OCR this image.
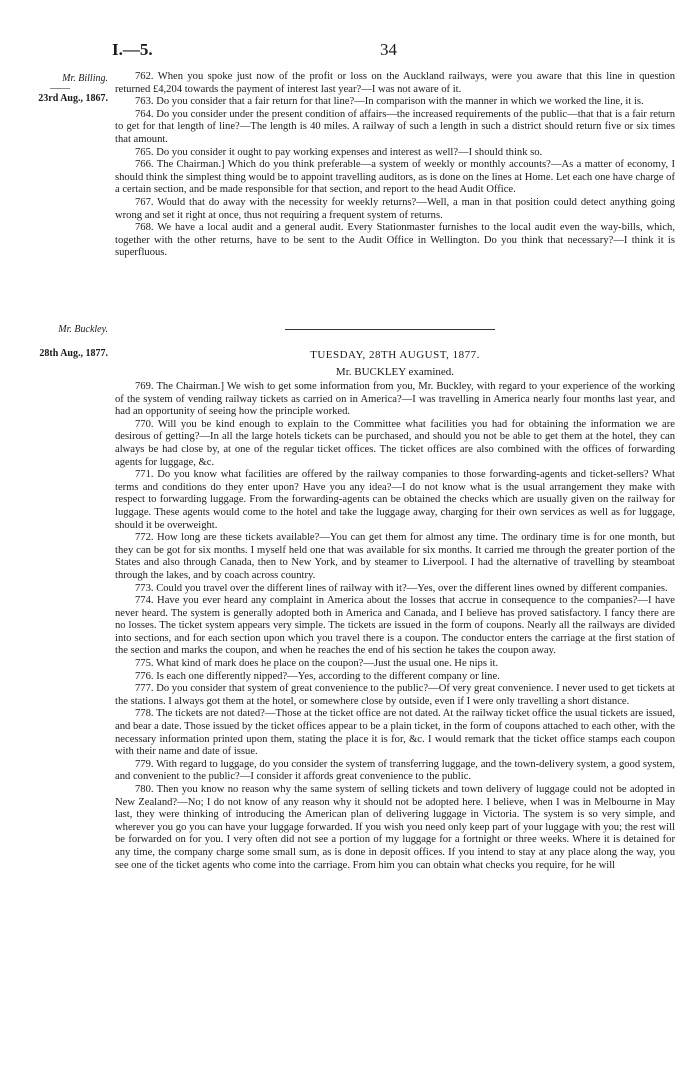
I.—5.	34
Mr. Billing.
——
23rd Aug., 1867.
Mr. Buckley.
28th Aug., 1877.

762. When you spoke just now of the profit or loss on the Auckland railways, were you aware that this line in question returned £4,204 towards the payment of interest last year?—I was not aware of it.

763. Do you consider that a fair return for that line?—In comparison with the manner in which we worked the line, it is.

764. Do you consider under the present condition of affairs—the increased requirements of the public—that that is a fair return to get for that length of line?—The length is 40 miles. A railway of such a length in such a district should return five or six times that amount.

765. Do you consider it ought to pay working expenses and interest as well?—I should think so.

766. The Chairman.] Which do you think preferable—a system of weekly or monthly accounts?—As a matter of economy, I should think the simplest thing would be to appoint travelling auditors, as is done on the lines at Home. Let each one have charge of a certain section, and be made responsible for that section, and report to the head Audit Office.

767. Would that do away with the necessity for weekly returns?—Well, a man in that position could detect anything going wrong and set it right at once, thus not requiring a frequent system of returns.

768. We have a local audit and a general audit. Every Stationmaster furnishes to the local audit even the way-bills, which, together with the other returns, have to be sent to the Audit Office in Wellington. Do you think that necessary?—I think it is superfluous.

TUESDAY, 28TH AUGUST, 1877.
Mr. BUCKLEY examined.

769. The Chairman.] We wish to get some information from you, Mr. Buckley, with regard to your experience of the working of the system of vending railway tickets as carried on in America?—I was travelling in America nearly four months last year, and had an opportunity of seeing how the principle worked.

770. Will you be kind enough to explain to the Committee what facilities you had for obtaining the information we are desirous of getting?—In all the large hotels tickets can be purchased, and should you not be able to get them at the hotel, they can always be had close by, at one of the regular ticket offices. The ticket offices are also combined with the offices of forwarding agents for luggage, &c.

771. Do you know what facilities are offered by the railway companies to those forwarding-agents and ticket-sellers? What terms and conditions do they enter upon? Have you any idea?—I do not know what is the usual arrangement they make with respect to forwarding luggage. From the forwarding-agents can be obtained the checks which are usually given on the railway for luggage. These agents would come to the hotel and take the luggage away, charging for their own services as well as for luggage, should it be overweight.

772. How long are these tickets available?—You can get them for almost any time. The ordinary time is for one month, but they can be got for six months. I myself held one that was available for six months. It carried me through the greater portion of the States and also through Canada, then to New York, and by steamer to Liverpool. I had the alternative of travelling by steamboat through the lakes, and by coach across country.

773. Could you travel over the different lines of railway with it?—Yes, over the different lines owned by different companies.

774. Have you ever heard any complaint in America about the losses that accrue in consequence to the companies?—I have never heard. The system is generally adopted both in America and Canada, and I believe has proved satisfactory. I fancy there are no losses. The ticket system appears very simple. The tickets are issued in the form of coupons. Nearly all the railways are divided into sections, and for each section upon which you travel there is a coupon. The conductor enters the carriage at the first station of the section and marks the coupon, and when he reaches the end of his section he takes the coupon away.

775. What kind of mark does he place on the coupon?—Just the usual one. He nips it.

776. Is each one differently nipped?—Yes, according to the different company or line.

777. Do you consider that system of great convenience to the public?—Of very great convenience. I never used to get tickets at the stations. I always got them at the hotel, or somewhere close by outside, even if I were only travelling a short distance.

778. The tickets are not dated?—Those at the ticket office are not dated. At the railway ticket office the usual tickets are issued, and bear a date. Those issued by the ticket offices appear to be a plain ticket, in the form of coupons attached to each other, with the necessary information printed upon them, stating the place it is for, &c. I would remark that the ticket office stamps each coupon with their name and date of issue.

779. With regard to luggage, do you consider the system of transferring luggage, and the town-delivery system, a good system, and convenient to the public?—I consider it affords great convenience to the public.

780. Then you know no reason why the same system of selling tickets and town delivery of luggage could not be adopted in New Zealand?—No; I do not know of any reason why it should not be adopted here. I believe, when I was in Melbourne in May last, they were thinking of introducing the American plan of delivering luggage in Victoria. The system is so very simple, and wherever you go you can have your luggage forwarded. If you wish you need only keep part of your luggage with you; the rest will be forwarded on for you. I very often did not see a portion of my luggage for a fortnight or three weeks. Where it is detained for any time, the company charge some small sum, as is done in deposit offices. If you intend to stay at any place along the way, you see one of the ticket agents who come into the carriage. From him you can obtain what checks you require, for he will
